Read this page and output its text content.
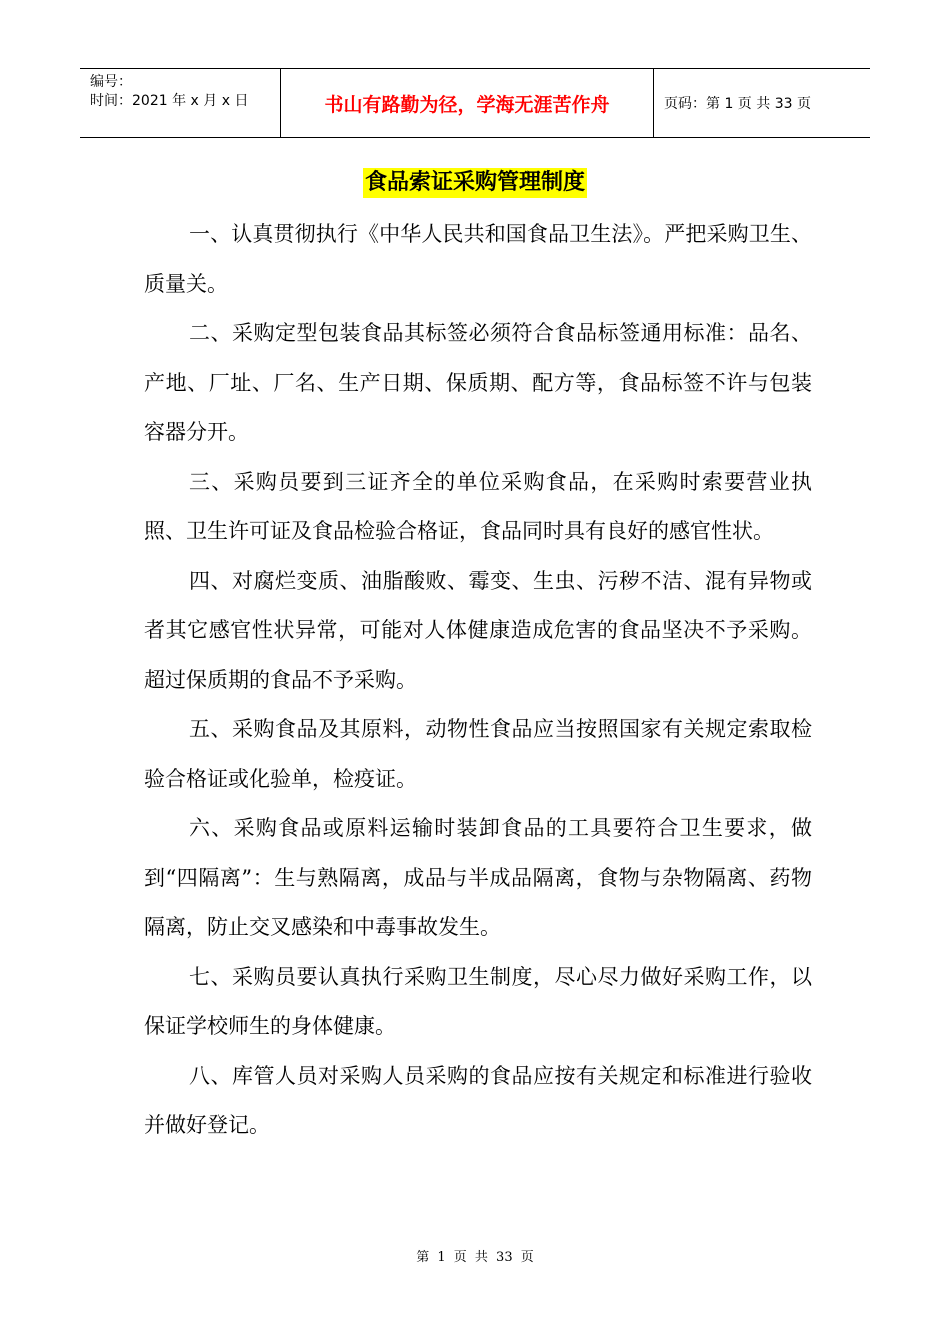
编号：
时间：2021 年 x 月 x 日	书山有路勤为径，学海无涯苦作舟	页码：第 1 页 共 33 页
食品索证采购管理制度

一、认真贯彻执行《中华人民共和国食品卫生法》。严把采购卫生、质量关。

二、采购定型包装食品其标签必须符合食品标签通用标准：品名、产地、厂址、厂名、生产日期、保质期、配方等，食品标签不许与包装容器分开。

三、采购员要到三证齐全的单位采购食品，在采购时索要营业执照、卫生许可证及食品检验合格证，食品同时具有良好的感官性状。

四、对腐烂变质、油脂酸败、霉变、生虫、污秽不洁、混有异物或者其它感官性状异常，可能对人体健康造成危害的食品坚决不予采购。超过保质期的食品不予采购。

五、采购食品及其原料，动物性食品应当按照国家有关规定索取检验合格证或化验单，检疫证。

六、采购食品或原料运输时装卸食品的工具要符合卫生要求，做到“四隔离”：生与熟隔离，成品与半成品隔离，食物与杂物隔离、药物隔离，防止交叉感染和中毒事故发生。

七、采购员要认真执行采购卫生制度，尽心尽力做好采购工作，以保证学校师生的身体健康。

八、库管人员对采购人员采购的食品应按有关规定和标准进行验收并做好登记。

第 1 页 共 33 页
